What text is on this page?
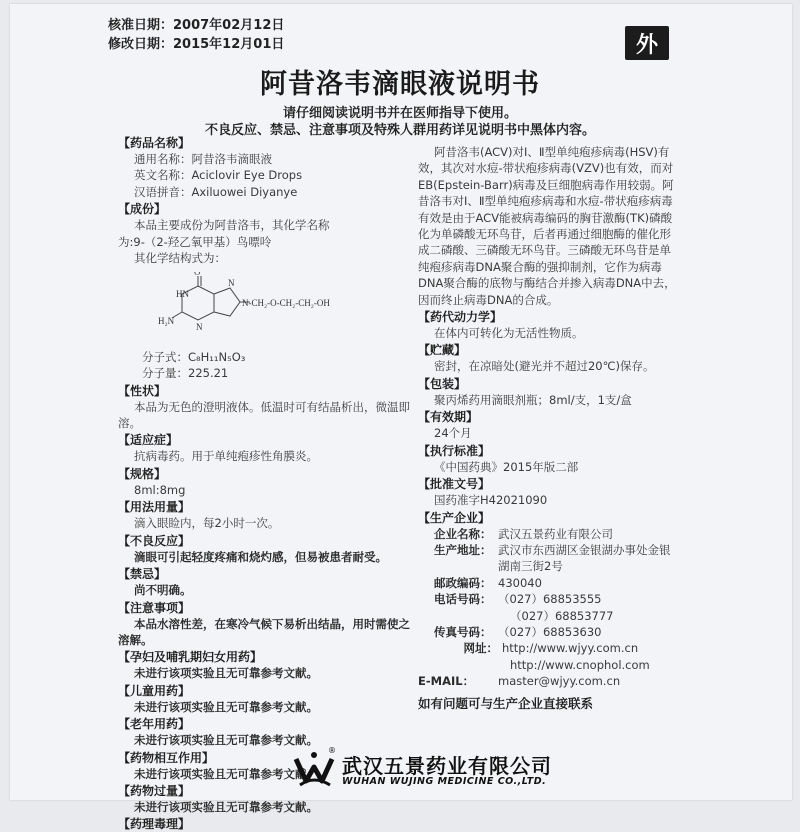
核准日期：2007年02月12日
修改日期：2015年12月01日	外
阿昔洛韦滴眼液说明书
请仔细阅读说明书并在医师指导下使用。
不良反应、禁忌、注意事项及特殊人群用药详见说明书中黑体内容。
【 药品名称 】
通用名称：阿昔洛韦滴眼液
英文名称：Aciclovir Eye Drops
汉语拼音：Axiluowei Diyanye
【 成份 】
本品主要成份为阿昔洛韦，其化学名称
为:9-（2-羟乙氧甲基）鸟嘌呤
其化学结构式为：
O
HN
N
N
H₂N
N-CH₂-O-CH₂-CH₂-OH
分子式：C₈H₁₁N₅O₃
分子量：225.21
【 性状 】
本品为无色的澄明液体。低温时可有结晶析出，微温即溶。
【 适应症 】
抗病毒药。用于单纯疱疹性角膜炎。
【 规格 】
8ml:8mg
【 用法用量 】
滴入眼睑内，每2小时一次。
【 不良反应 】
滴眼可引起轻度疼痛和烧灼感，但易被患者耐受。
【 禁忌 】
尚不明确。
【 注意事项 】
本品水溶性差，在寒冷气候下易析出结晶，用时需使之溶解。
【 孕妇及哺乳期妇女用药 】
未进行该项实验且无可靠参考文献。
【 儿童用药 】
未进行该项实验且无可靠参考文献。
【 老年用药 】
未进行该项实验且无可靠参考文献。
【 药物相互作用 】
未进行该项实验且无可靠参考文献。
【 药物过量 】
未进行该项实验且无可靠参考文献。
【 药理毒理 】
阿昔洛韦(ACV)对Ⅰ、Ⅱ型单纯疱疹病毒(HSV)有效，其次对水痘-带状疱疹病毒(VZV)也有效，而对EB(Epstein-Barr)病毒及巨细胞病毒作用较弱。阿昔洛韦对Ⅰ、Ⅱ型单纯疱疹病毒和水痘-带状疱疹病毒有效是由于ACV能被病毒编码的胸苷激酶(TK)磷酸化为单磷酸无环鸟苷，后者再通过细胞酶的催化形成二磷酸、三磷酸无环鸟苷。三磷酸无环鸟苷是单纯疱疹病毒DNA聚合酶的强抑制剂，它作为病毒DNA聚合酶的底物与酶结合并掺入病毒DNA中去，因而终止病毒DNA的合成。
【 药代动力学 】
在体内可转化为无活性物质。
【 贮藏 】
密封，在凉暗处(避光并不超过20℃)保存。
【 包装 】
聚丙烯药用滴眼剂瓶；8ml/支，1支/盒
【 有效期 】
24个月
【 执行标准 】
《中国药典》2015年版二部
【 批准文号 】
国药准字H42021090
【 生产企业 】
企业名称： 武汉五景药业有限公司
生产地址： 武汉市东西湖区金银湖办事处金银湖南三街2号
邮政编码： 430040
电话号码： （027）68853555
（027）68853777
传真号码： （027）68853630
网址： http://www.wjyy.com.cn
http://www.cnophol.com
E-MAIL：	master@wjyy.com.cn
如有问题可与生产企业直接联系
®
武汉五景药业有限公司
WUHAN WUJING MEDICINE CO.,LTD.
